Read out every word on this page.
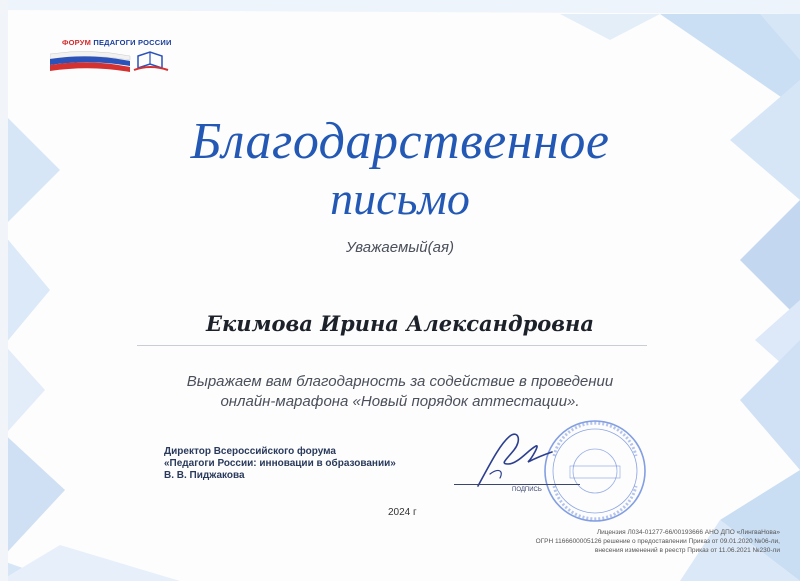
ФОРУМ ПЕДАГОГИ РОССИИ
Благодарственное
письмо
Уважаемый(ая)
Екимова Ирина Александровна
Выражаем вам благодарность за содействие в проведении
онлайн-марафона «Новый порядок аттестации».
Директор Всероссийского форума
«Педагоги России: инновации в образовании»
В. В. Пиджакова
ПОДПИСЬ
2024 г
Лицензия Л034-01277-66/00193666 АНО ДПО «ЛингваНова»
ОГРН 1166600005126 решение о предоставлении Приказ от 09.01.2020 №06-ли,
внесения изменений в реестр Приказ от 11.06.2021 №230-ли
